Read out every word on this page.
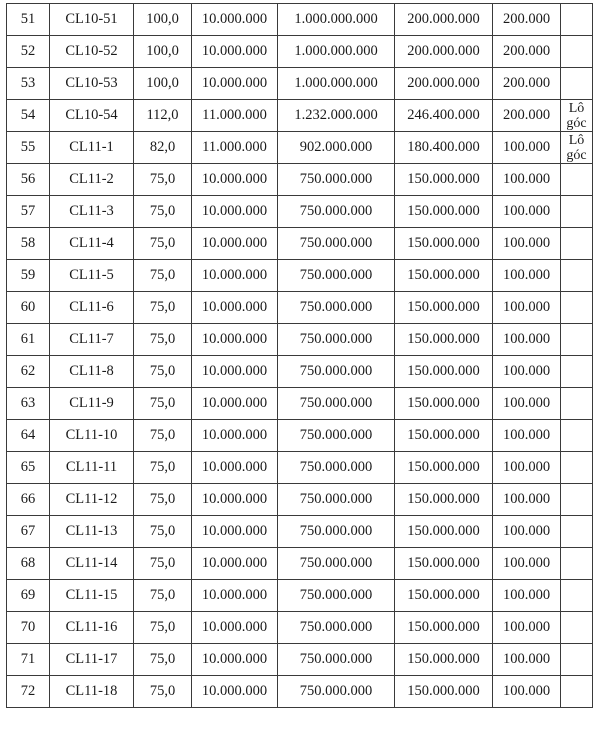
51	CL10-51	100,0	10.000.000	1.000.000.000	200.000.000	200.000	
52	CL10-52	100,0	10.000.000	1.000.000.000	200.000.000	200.000	
53	CL10-53	100,0	10.000.000	1.000.000.000	200.000.000	200.000	
54	CL10-54	112,0	11.000.000	1.232.000.000	246.400.000	200.000	Lô góc
55	CL11-1	82,0	11.000.000	902.000.000	180.400.000	100.000	Lô góc
56	CL11-2	75,0	10.000.000	750.000.000	150.000.000	100.000	
57	CL11-3	75,0	10.000.000	750.000.000	150.000.000	100.000	
58	CL11-4	75,0	10.000.000	750.000.000	150.000.000	100.000	
59	CL11-5	75,0	10.000.000	750.000.000	150.000.000	100.000	
60	CL11-6	75,0	10.000.000	750.000.000	150.000.000	100.000	
61	CL11-7	75,0	10.000.000	750.000.000	150.000.000	100.000	
62	CL11-8	75,0	10.000.000	750.000.000	150.000.000	100.000	
63	CL11-9	75,0	10.000.000	750.000.000	150.000.000	100.000	
64	CL11-10	75,0	10.000.000	750.000.000	150.000.000	100.000	
65	CL11-11	75,0	10.000.000	750.000.000	150.000.000	100.000	
66	CL11-12	75,0	10.000.000	750.000.000	150.000.000	100.000	
67	CL11-13	75,0	10.000.000	750.000.000	150.000.000	100.000	
68	CL11-14	75,0	10.000.000	750.000.000	150.000.000	100.000	
69	CL11-15	75,0	10.000.000	750.000.000	150.000.000	100.000	
70	CL11-16	75,0	10.000.000	750.000.000	150.000.000	100.000	
71	CL11-17	75,0	10.000.000	750.000.000	150.000.000	100.000	
72	CL11-18	75,0	10.000.000	750.000.000	150.000.000	100.000	
